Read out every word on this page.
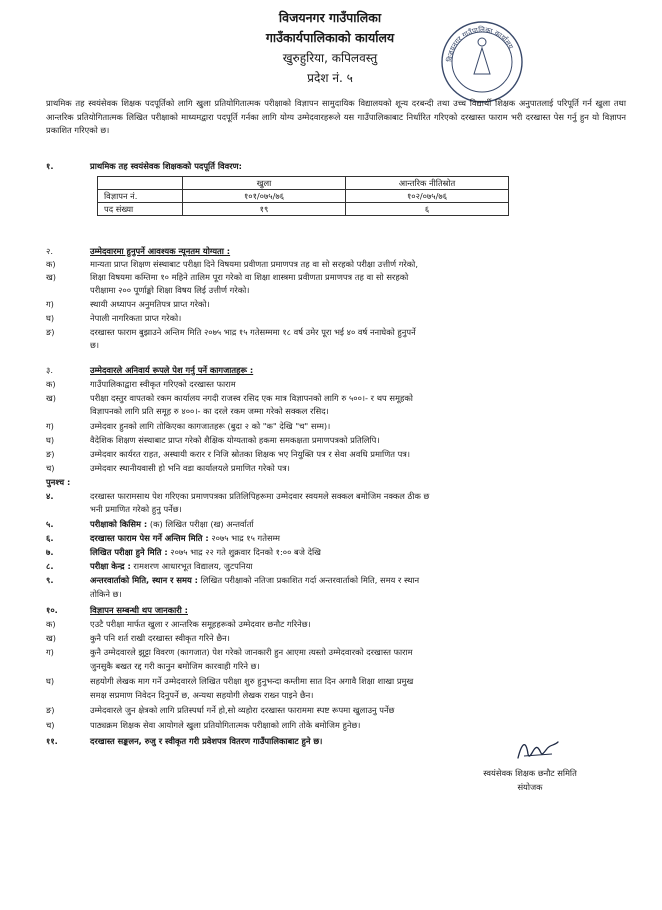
विजयनगर गाउँपालिका
गाउँकार्यपालिकाको कार्यालय
खुरुहुरिया, कपिलवस्तु
प्रदेश नं. ५
विजयनगर गाउँपालिका कार्यालय
प्राथमिक तह स्वयंसेवक शिक्षक पदपूर्तिको लागि खुला प्रतियोगितात्मक परीक्षाको विज्ञापन सामुदायिक विद्यालयको शून्य दरबन्दी तथा उच्च विद्यार्थी शिक्षक अनुपातलाई परिपूर्ति गर्न खुला तथा आन्तरिक प्रतियोगितात्मक लिखित परीक्षाको माध्यमद्वारा पदपूर्ति गर्नका लागि योग्य उम्मेदवारहरूले यस गाउँपालिकाबाट निर्धारित गरिएको दरखास्त फाराम भरी दरखास्त पेस गर्नु हुन यो विज्ञापन प्रकाशित गरिएको छ।
१.	प्राथमिक तह स्वयंसेवक शिक्षकको पदपूर्ति विवरण:
	खुला	आन्तरिक नीतिस्रोत
विज्ञापन नं.	१०१/०७५/७६	१०२/०७५/७६
पद संख्या	१९	६
२.	उम्मेदवारमा हुनुपर्ने आवश्यक न्यूनतम योग्यता :
क)	मान्यता प्राप्त शिक्षण संस्थाबाट परीक्षा दिने विषयमा प्रवीणता प्रमाणपत्र तह वा सो सरहको परीक्षा उत्तीर्ण गरेको,
ख)	शिक्षा विषयमा कम्तिमा १० महिने तालिम पूरा गरेको वा शिक्षा शास्त्रमा प्रवीणता प्रमाणपत्र तह वा सो सरहको
परीक्षामा २०० पूर्णाङ्को शिक्षा विषय लिई उत्तीर्ण गरेको।
ग)	स्थायी अध्यापन अनुमतिपत्र प्राप्त गरेको।
घ)	नेपाली नागरिकता प्राप्त गरेको।
ङ)	दरखास्त फाराम बुझाउने अन्तिम मिति २०७५ भाद्र १५ गतेसम्ममा १८ वर्ष उमेर पूरा भई ४० वर्ष ननाघेको हुनुपर्ने
छ।
३.	उम्मेदवारले अनिवार्य रूपले पेश गर्नु पर्ने कागजातहरू :
क)	गाउँपालिकाद्वारा स्वीकृत गरिएको दरखास्त फाराम
ख)	परीक्षा दस्तुर वापतको रकम कार्यालय नगदी राजस्व रसिद एक मात्र विज्ञापनको लागि रु ५००।- र थप समूहको
विज्ञापनको लागि प्रति समूह रु ४००।- का दरले रकम जम्मा गरेको सक्कल रसिद।
ग)	उम्मेदवार हुनको लागि तोकिएका कागजातहरू (बुदा २ को "क" देखि "च" सम्म)।
घ)	वैदेशिक शिक्षण संस्थाबाट प्राप्त गरेको शैक्षिक योग्यताको हकमा समकक्षता प्रमाणपत्रको प्रतिलिपि।
ङ)	उम्मेदवार कार्यरत राहत, अस्थायी करार र निजि स्रोतका शिक्षक भए नियुक्ति पत्र र सेवा अवधि प्रमाणित पत्र।
च)	उम्मेदवार स्थानीयवासी हो भनि वडा कार्यालयले प्रमाणित गरेको पत्र।
पुनश्च :
४.	दरखास्त फारामसाथ पेश गरिएका प्रमाणपत्रका प्रतिलिपिहरूमा उम्मेदवार स्वयमले सक्कल बमोजिम नक्कल ठीक छ
भनी प्रमाणित गरेको हुनु पर्नेछ।
५.	परीक्षाको किसिम : (क) लिखित परीक्षा (ख) अन्तर्वार्ता
६.	दरखास्त फाराम पेस गर्ने अन्तिम मिति : २०७५ भाद्र १५ गतेसम्म
७.	लिखित परीक्षा हुने मिति : २०७५ भाद्र २२ गते शुक्रवार दिनको १:०० बजे देखि
८.	परीक्षा केन्द्र : रामशरण आधारभूत विद्यालय, जुटपनिया
९.	अन्तरवार्ताको मिति, स्थान र समय : लिखित परीक्षाको नतिजा प्रकाशित गर्दा अन्तरवार्ताको मिति, समय र स्थान
तोकिने छ।
१०.	विज्ञापन सम्बन्धी थप जानकारी :
क)	एउटै परीक्षा मार्फत खुला र आन्तरिक समूहहरूको उम्मेदवार छनौट गरिनेछ।
ख)	कुनै पनि शर्त राखी दरखास्त स्वीकृत गरिने छैन।
ग)	कुनै उम्मेदवारले झुट्टा विवरण (कागजात) पेश गरेको जानकारी हुन आएमा त्यस्तो उम्मेदवारको दरखास्त फाराम
जुनसुकै बखत रद्द गरी कानुन बमोजिम कारवाही गरिने छ।
घ)	सहयोगी लेखक माग गर्ने उम्मेदवारले लिखित परीक्षा शुरु हुनुभन्दा कम्तीमा सात दिन अगावै शिक्षा शाखा प्रमुख
समक्ष सप्रमाण निवेदन दिनुपर्ने छ, अन्यथा सहयोगी लेखक राख्न पाइने छैन।
ङ)	उम्मेदवारले जुन क्षेत्रको लागि प्रतिस्पर्धा गर्ने हो,सो व्यहोरा दरखास्त फाराममा स्पष्ट रूपमा खुलाउनु पर्नेछ
च)	पाठ्यक्रम शिक्षक सेवा आयोगले खुला प्रतियोगितात्मक परीक्षाको लागि तोके बमोजिम हुनेछ।
११.	दरखास्त सङ्कलन, रुजु र स्वीकृत गरी प्रवेशपत्र वितरण गाउँपालिकाबाट हुने छ।
स्वयंसेवक शिक्षक छनौट समिति
संयोजक
